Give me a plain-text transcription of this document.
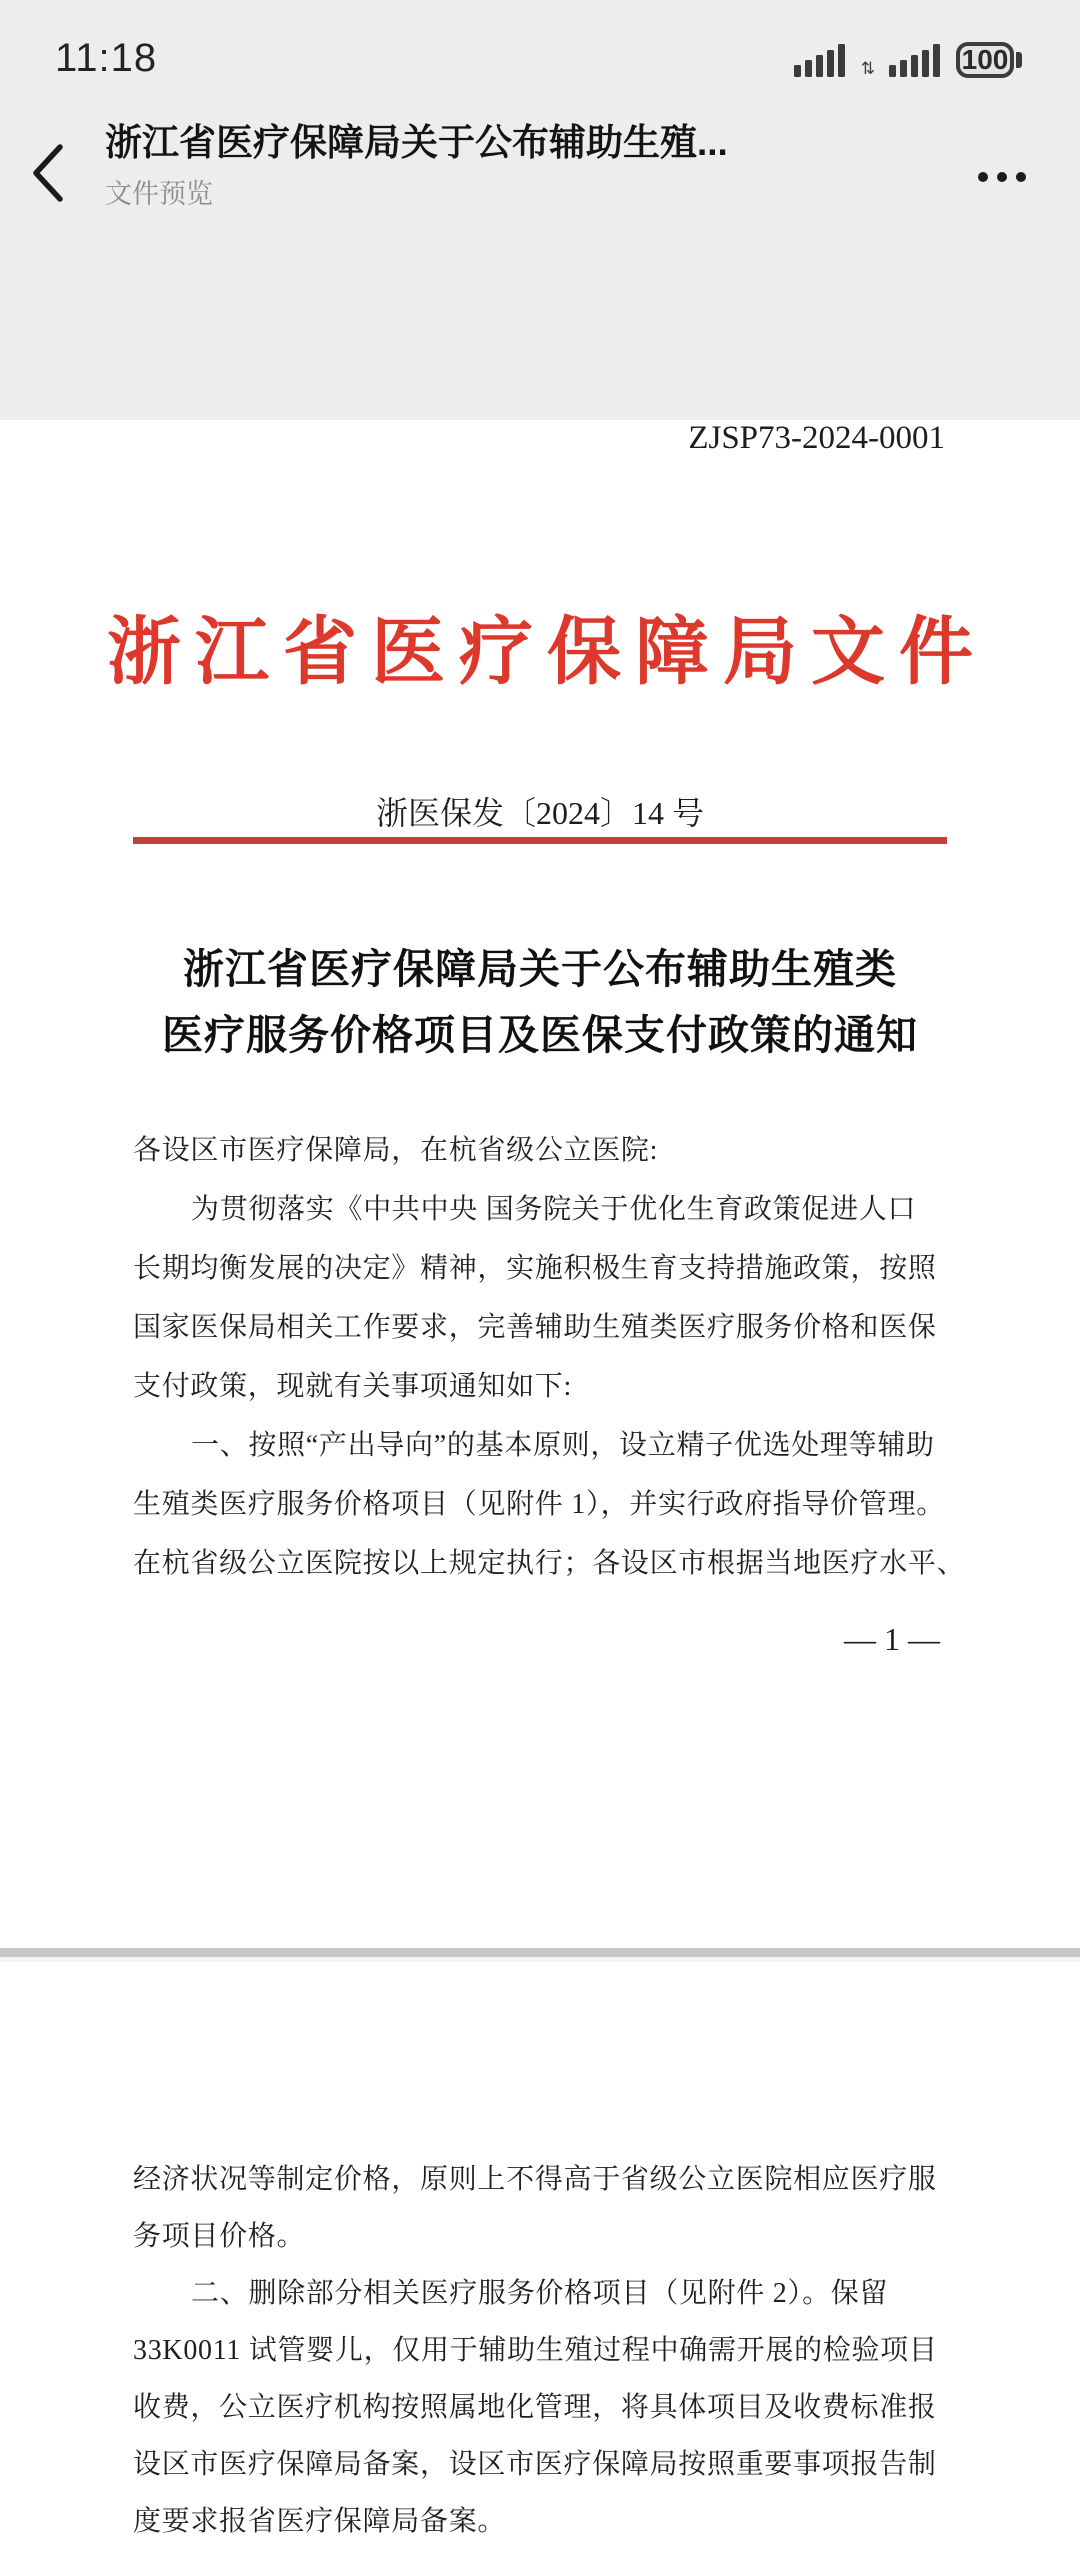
11:18	⇅	100
浙江省医疗保障局关于公布辅助生殖...
文件预览
ZJSP73-2024-0001
浙江省医疗保障局文件
浙医保发〔2024〕14 号
浙江省医疗保障局关于公布辅助生殖类
医疗服务价格项目及医保支付政策的通知
各设区市医疗保障局，在杭省级公立医院:
为贯彻落实《中共中央 国务院关于优化生育政策促进人口
长期均衡发展的决定》精神，实施积极生育支持措施政策，按照
国家医保局相关工作要求，完善辅助生殖类医疗服务价格和医保
支付政策，现就有关事项通知如下:
一、按照“产出导向”的基本原则，设立精子优选处理等辅助
生殖类医疗服务价格项目（见附件 1），并实行政府指导价管理。
在杭省级公立医院按以上规定执行；各设区市根据当地医疗水平、
— 1 —
经济状况等制定价格，原则上不得高于省级公立医院相应医疗服
务项目价格。
二、删除部分相关医疗服务价格项目（见附件 2）。保留
33K0011 试管婴儿，仅用于辅助生殖过程中确需开展的检验项目
收费，公立医疗机构按照属地化管理，将具体项目及收费标准报
设区市医疗保障局备案，设区市医疗保障局按照重要事项报告制
度要求报省医疗保障局备案。
